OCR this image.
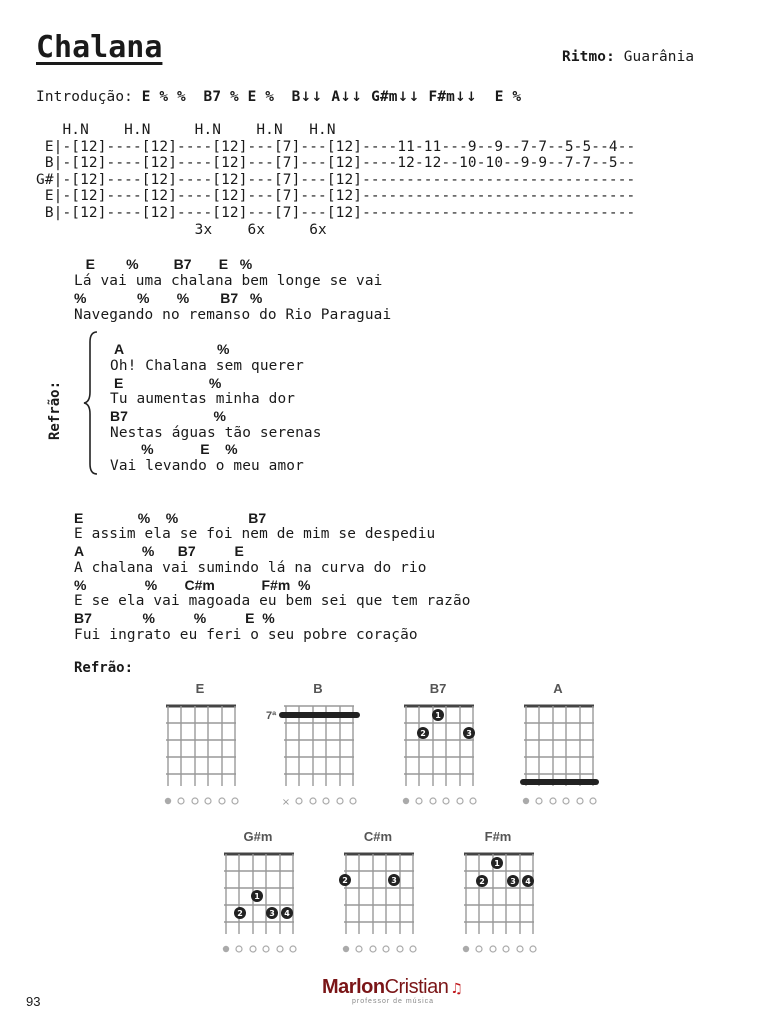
Chalana	Ritmo: Guarânia
Introdução: E % % B7 % E % B↓↓ A↓↓ G#m↓↓ F#m↓↓ E %
H.N    H.N     H.N    H.N   H.N
E|-[12]----[12]----[12]---[7]---[12]----11-11---9--9--7-7--5-5--4--
B|-[12]----[12]----[12]---[7]---[12]----12-12--10-10--9-9--7-7--5--
G#|-[12]----[12]----[12]---[7]---[12]-------------------------------
E|-[12]----[12]----[12]---[7]---[12]-------------------------------
B|-[12]----[12]----[12]---[7]---[12]-------------------------------
3x    6x     6x
E        %         B7       E   %
Lá vai uma chalana bem longe se vai
%             %       %        B7   %
Navegando no remanso do Rio Paraguai
Refrão:
A                        %
Oh! Chalana sem querer
E                      %
Tu aumentas minha dor
B7                      %
Nestas águas tão serenas
%            E    %
Vai levando o meu amor
E              %    %                  B7
E assim ela se foi nem de mim se despediu
A               %      B7          E
A chalana vai sumindo lá na curva do rio
%               %       C#m            F#m  %
E se ela vai magoada eu bem sei que tem razão
B7             %          %          E  %
Fui ingrato eu feri o seu pobre coração
Refrão:
E	B
7ª
×
B7
1
2	3
A
G#m
1
2	3 4
C#m
2	3
F#m
1
2	3 4
93
MarlonCristian ♫
professor de música
